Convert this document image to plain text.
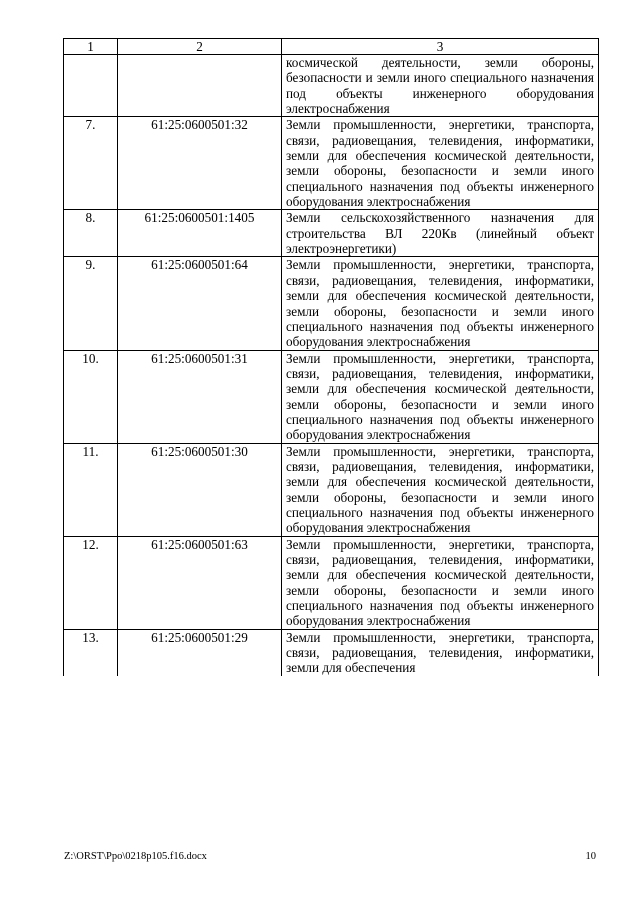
1	2	3
		космической деятельности, земли обороны, безопасности и земли иного специального назначения под объекты инженерного оборудования электроснабжения
7.	61:25:0600501:32	Земли промышленности, энергетики, транспорта, связи, радиовещания, телевидения, информатики, земли для обеспечения космической деятельности, земли обороны, безопасности и земли иного специального назначения под объекты инженерного оборудования электроснабжения
8.	61:25:0600501:1405	Земли сельскохозяйственного назначения для строительства ВЛ 220Кв (линейный объект электроэнергетики)
9.	61:25:0600501:64	Земли промышленности, энергетики, транспорта, связи, радиовещания, телевидения, информатики, земли для обеспечения космической деятельности, земли обороны, безопасности и земли иного специального назначения под объекты инженерного оборудования электроснабжения
10.	61:25:0600501:31	Земли промышленности, энергетики, транспорта, связи, радиовещания, телевидения, информатики, земли для обеспечения космической деятельности, земли обороны, безопасности и земли иного специального назначения под объекты инженерного оборудования электроснабжения
11.	61:25:0600501:30	Земли промышленности, энергетики, транспорта, связи, радиовещания, телевидения, информатики, земли для обеспечения космической деятельности, земли обороны, безопасности и земли иного специального назначения под объекты инженерного оборудования электроснабжения
12.	61:25:0600501:63	Земли промышленности, энергетики, транспорта, связи, радиовещания, телевидения, информатики, земли для обеспечения космической деятельности, земли обороны, безопасности и земли иного специального назначения под объекты инженерного оборудования электроснабжения
13.	61:25:0600501:29	Земли промышленности, энергетики, транспорта, связи, радиовещания, телевидения, информатики, земли для обеспечения
Z:\ORST\Ppo\0218p105.f16.docx	10
